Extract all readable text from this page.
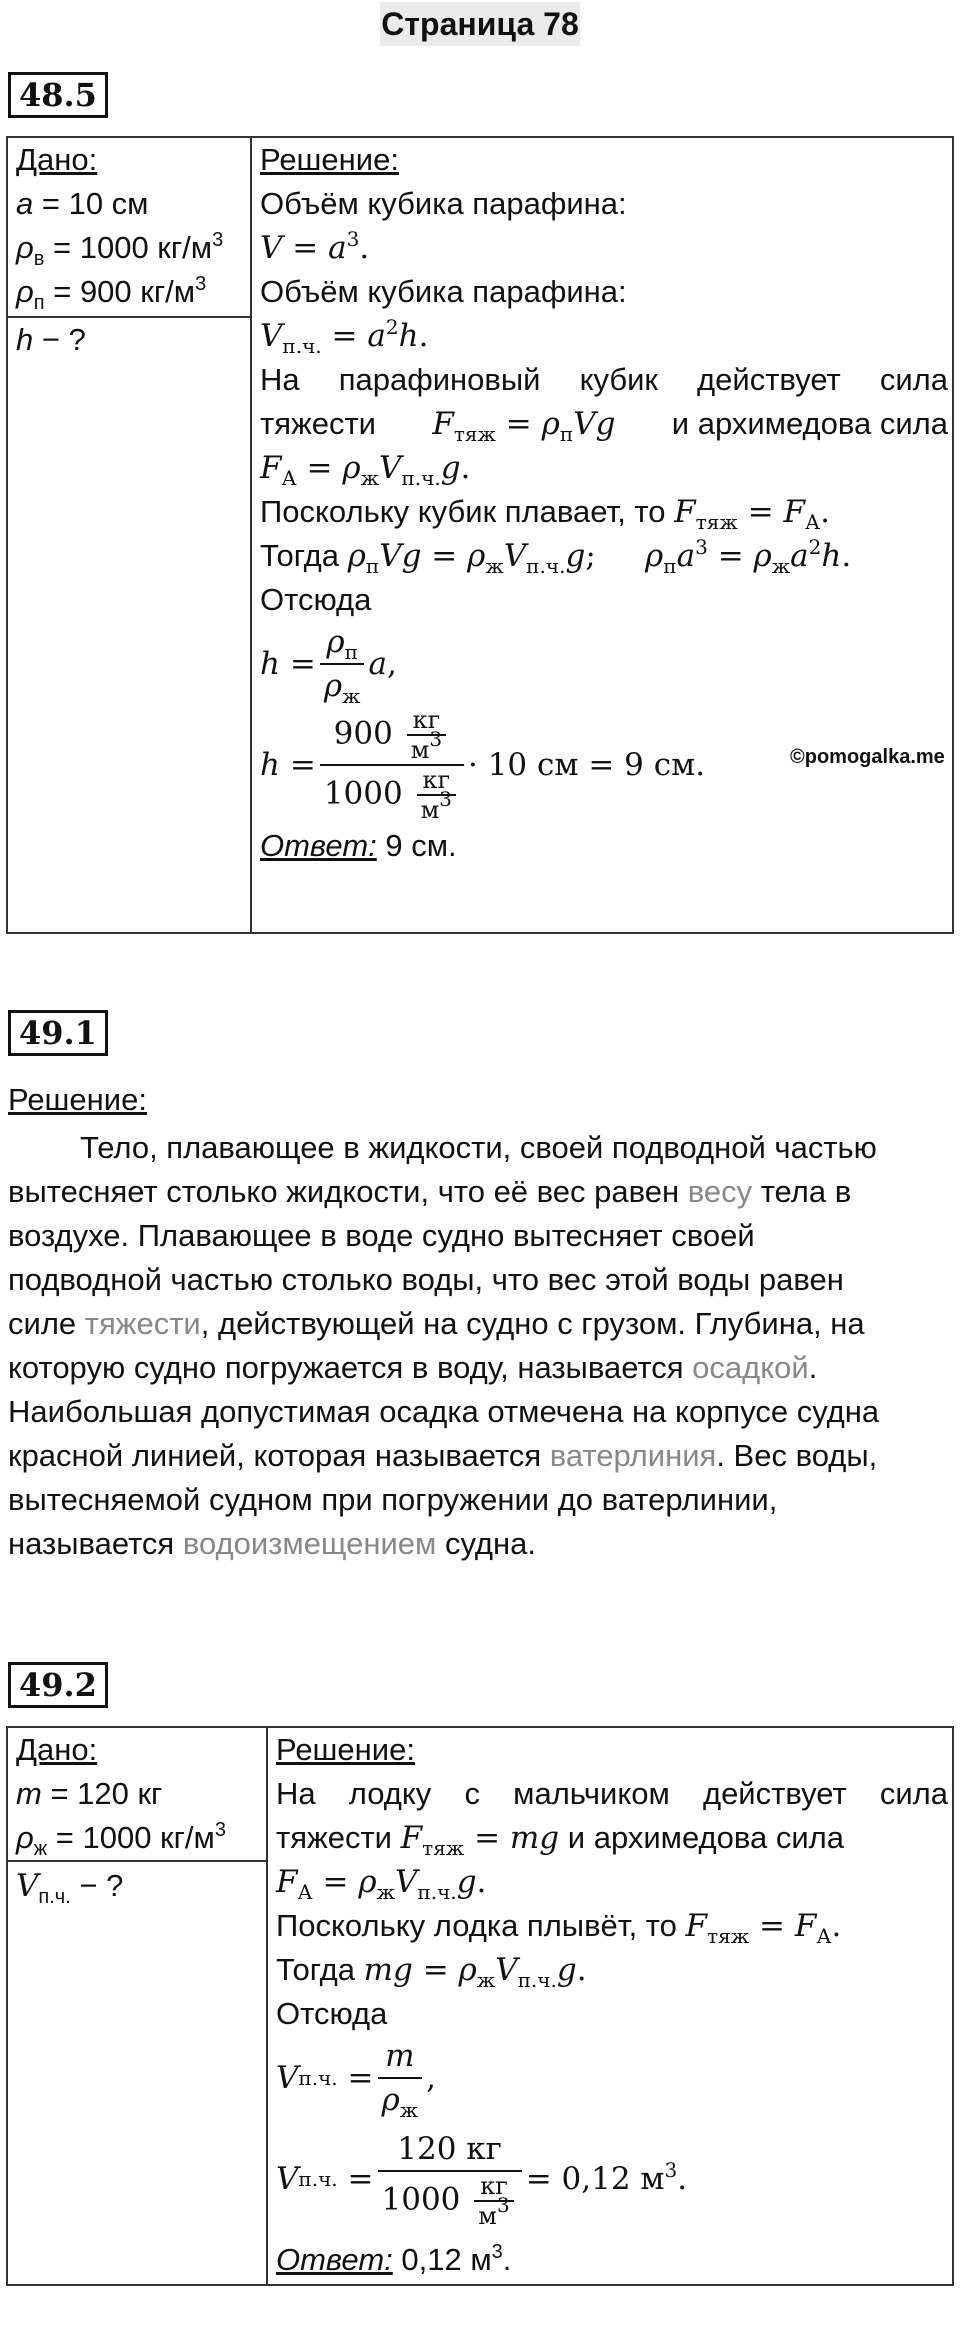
Страница 78
48.5
Дано:
a = 10 см
$\rho_в = 1000$ $кг/м^3$
$\rho_п = 900$ $кг/м^3$
h − ?
Решение:
Объём кубика парафина:
$V = a^3$.
Объём кубика парафина:
$V_{п.ч.} = a^2h$.
На парафиновый кубик действует сила
тяжести $F_{тяж} = \rho_пVg$ и архимедова сила
$F_А = \rho_жV_{п.ч.}g$.
Поскольку кубик плавает, то $F_{тяж} = F_А$.
Тогда $\rho_пVg = \rho_жV_{п.ч.}g$;     $\rho_пa^3 = \rho_жa^2h$.
Отсюда
$h = \frac{\rho_п}{\rho_ж}$ a ,
$h = \frac{900 \frac{кг}{м^3}}{1000 \frac{кг}{м^3}} \cdot 10$ см = 9 см.
Ответ: 9 см.
©pomogalka.me
49.1
Решение:
Тело, плавающее в жидкости, своей подводной частью
вытесняет столько жидкости, что её вес равен весу тела в
воздухе. Плавающее в воде судно вытесняет своей
подводной частью столько воды, что вес этой воды равен
силе тяжести, действующей на судно с грузом. Глубина, на
которую судно погружается в воду, называется осадкой.
Наибольшая допустимая осадка отмечена на корпусе судна
красной линией, которая называется ватерлиния. Вес воды,
вытесняемой судном при погружении до ватерлинии,
называется водоизмещением судна.
49.2
Дано:
m = 120 кг
$\rho_ж = 1000$ $кг/м^3$
$V_{п.ч.}$ − ?
Решение:
На лодку с мальчиком действует сила
тяжести $F_{тяж}$ = mg и архимедова сила
$F_А = \rho_жV_{п.ч.}g$.
Поскольку лодка плывёт, то $F_{тяж} = F_А$.
Тогда mg = $\rho_жV_{п.ч.}g$.
Отсюда
V п.ч. = $\frac{m}{\rho_ж}$ ,
V п.ч. = $\frac{120 кг}{1000 \frac{кг}{м^3}} = 0,12$ $м^3$.
Ответ: 0,12 $м^3$.
